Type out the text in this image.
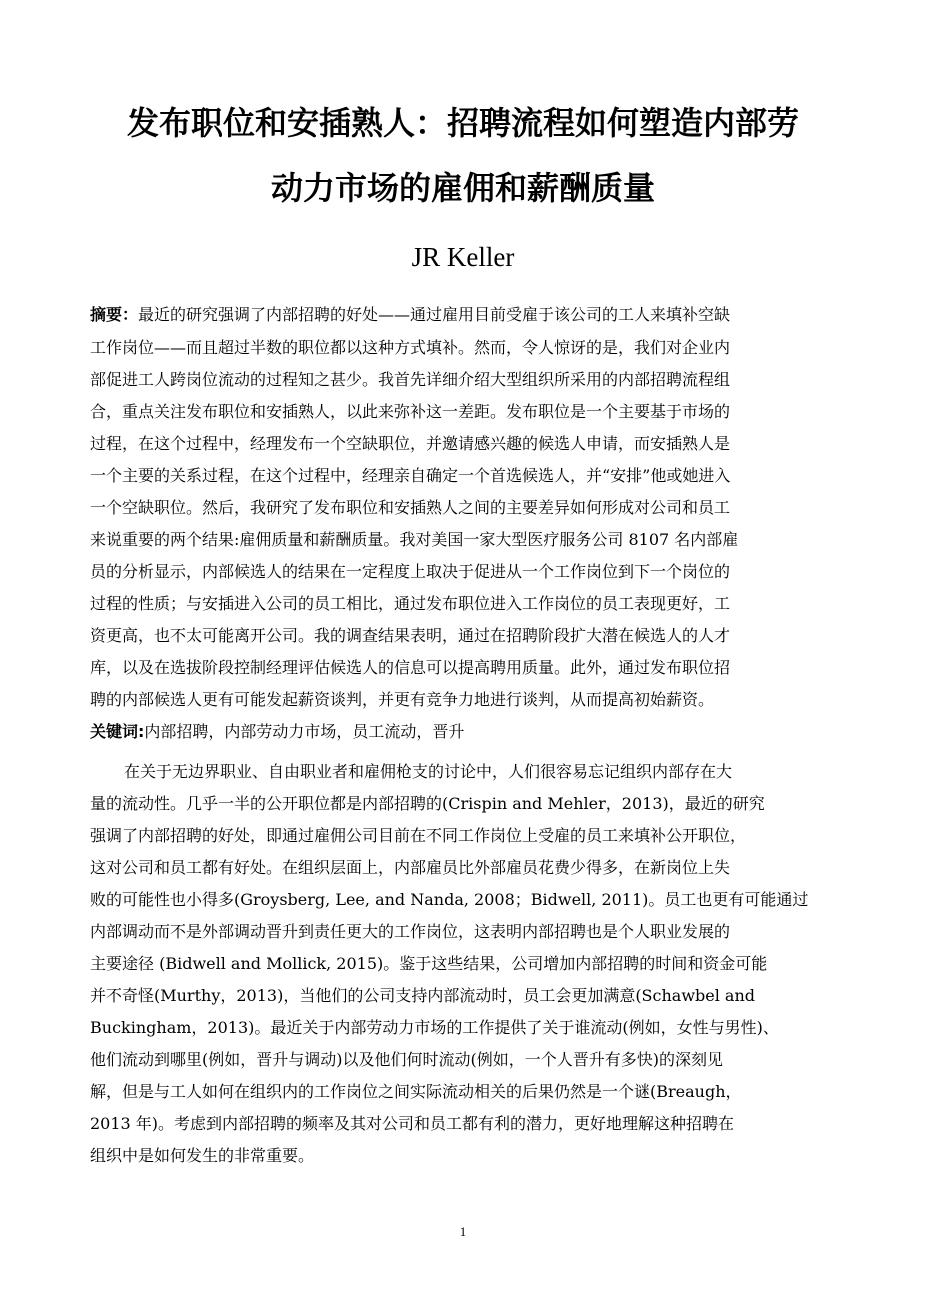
发布职位和安插熟人：招聘流程如何塑造内部劳
动力市场的雇佣和薪酬质量
JR Keller
摘要：最近的研究强调了内部招聘的好处——通过雇用目前受雇于该公司的工人来填补空缺
工作岗位——而且超过半数的职位都以这种方式填补。然而，令人惊讶的是，我们对企业内
部促进工人跨岗位流动的过程知之甚少。我首先详细介绍大型组织所采用的内部招聘流程组
合，重点关注发布职位和安插熟人，以此来弥补这一差距。发布职位是一个主要基于市场的
过程，在这个过程中，经理发布一个空缺职位，并邀请感兴趣的候选人申请，而安插熟人是
一个主要的关系过程，在这个过程中，经理亲自确定一个首选候选人，并“安排”他或她进入
一个空缺职位。然后，我研究了发布职位和安插熟人之间的主要差异如何形成对公司和员工
来说重要的两个结果:雇佣质量和薪酬质量。我对美国一家大型医疗服务公司 8107 名内部雇
员的分析显示，内部候选人的结果在一定程度上取决于促进从一个工作岗位到下一个岗位的
过程的性质；与安插进入公司的员工相比，通过发布职位进入工作岗位的员工表现更好，工
资更高，也不太可能离开公司。我的调查结果表明，通过在招聘阶段扩大潜在候选人的人才
库，以及在选拔阶段控制经理评估候选人的信息可以提高聘用质量。此外，通过发布职位招
聘的内部候选人更有可能发起薪资谈判，并更有竞争力地进行谈判，从而提高初始薪资。
关键词:内部招聘，内部劳动力市场，员工流动，晋升
在关于无边界职业、自由职业者和雇佣枪支的讨论中，人们很容易忘记组织内部存在大
量的流动性。几乎一半的公开职位都是内部招聘的(Crispin and Mehler，2013)，最近的研究
强调了内部招聘的好处，即通过雇佣公司目前在不同工作岗位上受雇的员工来填补公开职位，
这对公司和员工都有好处。在组织层面上，内部雇员比外部雇员花费少得多，在新岗位上失
败的可能性也小得多(Groysberg, Lee, and Nanda, 2008；Bidwell, 2011)。员工也更有可能通过
内部调动而不是外部调动晋升到责任更大的工作岗位，这表明内部招聘也是个人职业发展的
主要途径 (Bidwell and Mollick, 2015)。鉴于这些结果，公司增加内部招聘的时间和资金可能
并不奇怪(Murthy，2013)，当他们的公司支持内部流动时，员工会更加满意(Schawbel and
Buckingham，2013)。最近关于内部劳动力市场的工作提供了关于谁流动(例如，女性与男性)、
他们流动到哪里(例如，晋升与调动)以及他们何时流动(例如，一个人晋升有多快)的深刻见
解，但是与工人如何在组织内的工作岗位之间实际流动相关的后果仍然是一个谜(Breaugh，
2013 年)。考虑到内部招聘的频率及其对公司和员工都有利的潜力，更好地理解这种招聘在
组织中是如何发生的非常重要。
1
